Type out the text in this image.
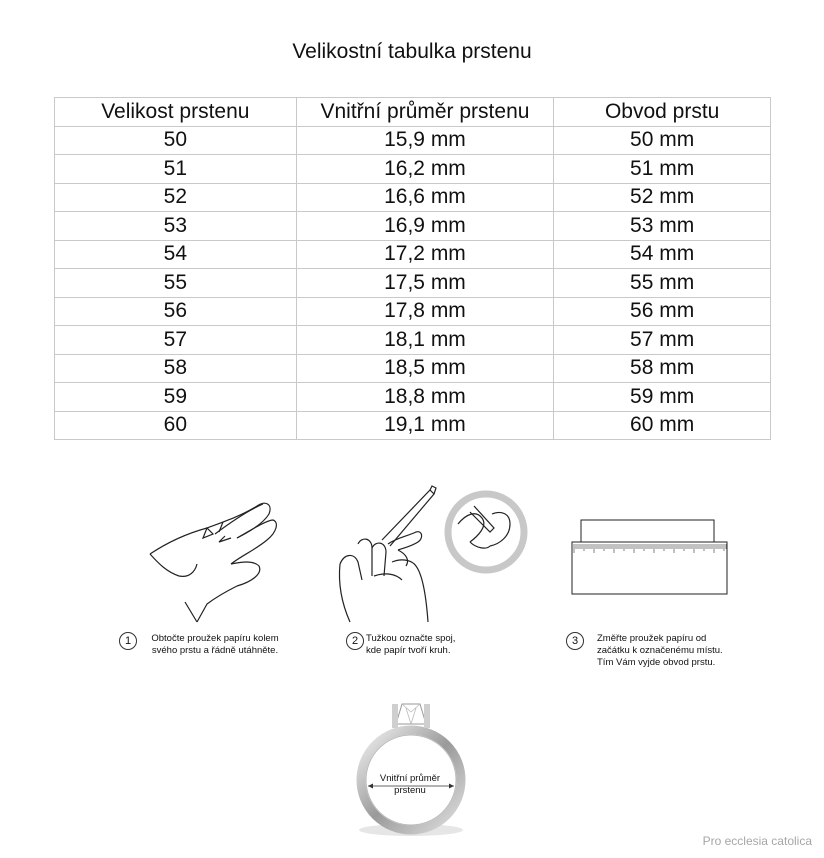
Velikostní tabulka prstenu
Velikost prstenu	Vnitřní průměr prstenu	Obvod prstu
50	15,9 mm	50 mm
51	16,2 mm	51 mm
52	16,6 mm	52 mm
53	16,9 mm	53 mm
54	17,2 mm	54 mm
55	17,5 mm	55 mm
56	17,8 mm	56 mm
57	18,1 mm	57 mm
58	18,5 mm	58 mm
59	18,8 mm	59 mm
60	19,1 mm	60 mm
1	Obtočte proužek papíru kolem
svého prstu a řádně utáhněte.
2 Tužkou označte spoj,
kde papír tvoří kruh.
3	Změřte proužek papíru od
začátku k označenému místu.
Tím Vám vyjde obvod prstu.
Vnitřní průměr
prstenu
Pro ecclesia catolica
